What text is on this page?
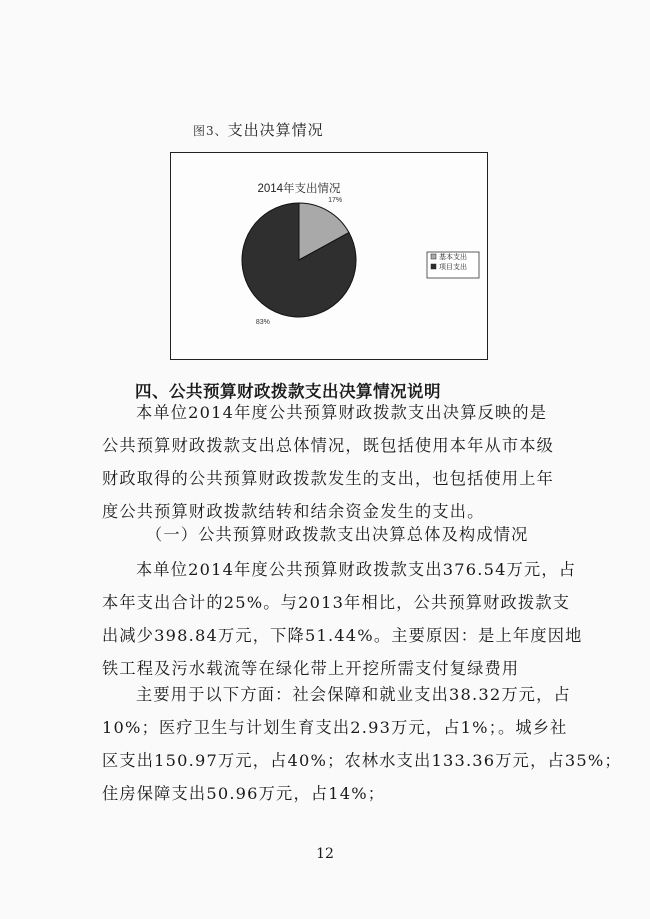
图3、支出决算情况
2014年支出情况
17%
83%
基本支出
项目支出
四、公共预算财政拨款支出决算情况说明
本单位2014年度公共预算财政拨款支出决算反映的是
公共预算财政拨款支出总体情况，既包括使用本年从市本级
财政取得的公共预算财政拨款发生的支出，也包括使用上年
度公共预算财政拨款结转和结余资金发生的支出。
（一）公共预算财政拨款支出决算总体及构成情况
本单位2014年度公共预算财政拨款支出376.54万元，占
本年支出合计的25%。与2013年相比，公共预算财政拨款支
出减少398.84万元，下降51.44%。主要原因：是上年度因地
铁工程及污水载流等在绿化带上开挖所需支付复绿费用
主要用于以下方面：社会保障和就业支出38.32万元，占
10%；医疗卫生与计划生育支出2.93万元，占1%；。城乡社
区支出150.97万元，占40%；农林水支出133.36万元，占35%；
住房保障支出50.96万元，占14%；
12
